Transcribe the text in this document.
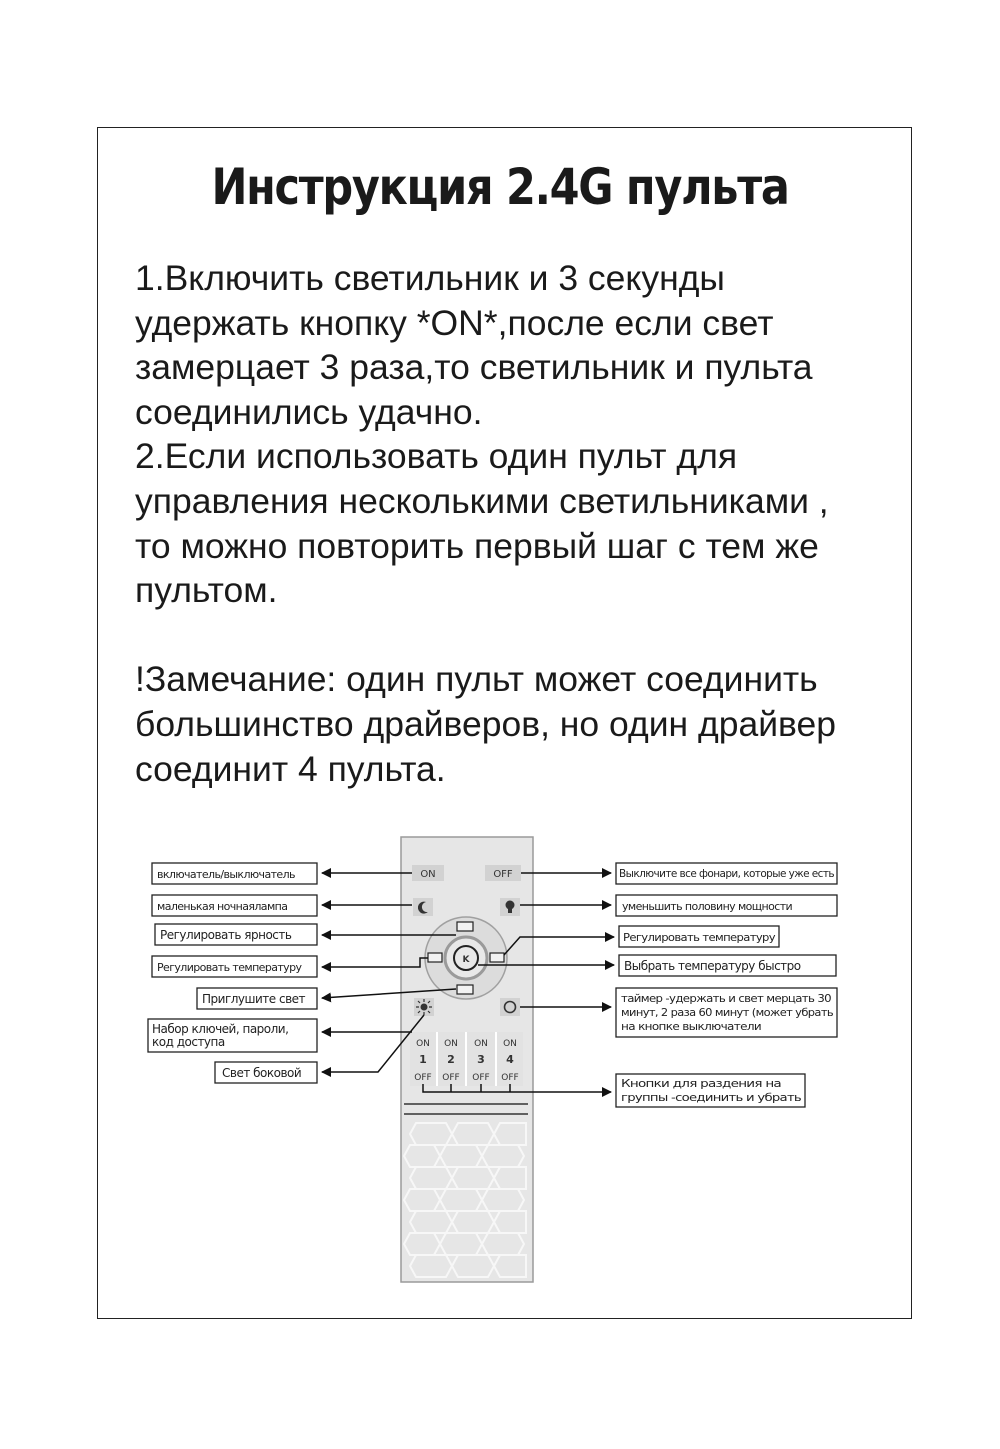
Инструкция 2.4G пульта
1.Включить светильник и 3 секунды
удержать кнопку *ON*,после если свет
замерцает 3 раза,то светильник и пульта
соединились удачно.
2.Если использовать один пульт для
управления несколькими светильниками ,
то можно повторить первый шаг с тем же
пультом.

!Замечание: один пульт может соединить
большинство драйверов, но один драйвер
соединит 4 пульта.
ON	OFF
K
ON ON ON ON
1 2 3 4
OFF OFF OFF OFF
включатель/выключатель
маленькая ночнаялампа
Регулировать ярность
Регулировать температуру
Приглушите свет
Набор ключей, пароли,
код доступа
Свет боковой
Выключите все фонари, которые уже есть
уменьшить половину мощности
Регулировать температуру
Выбрать температуру быстро
таймер -удержать и свет мерцать 30
минут, 2 раза 60 минут (может убрать
на кнопке выключатели
Кнопки для раздения на
группы -соединить и убрать
